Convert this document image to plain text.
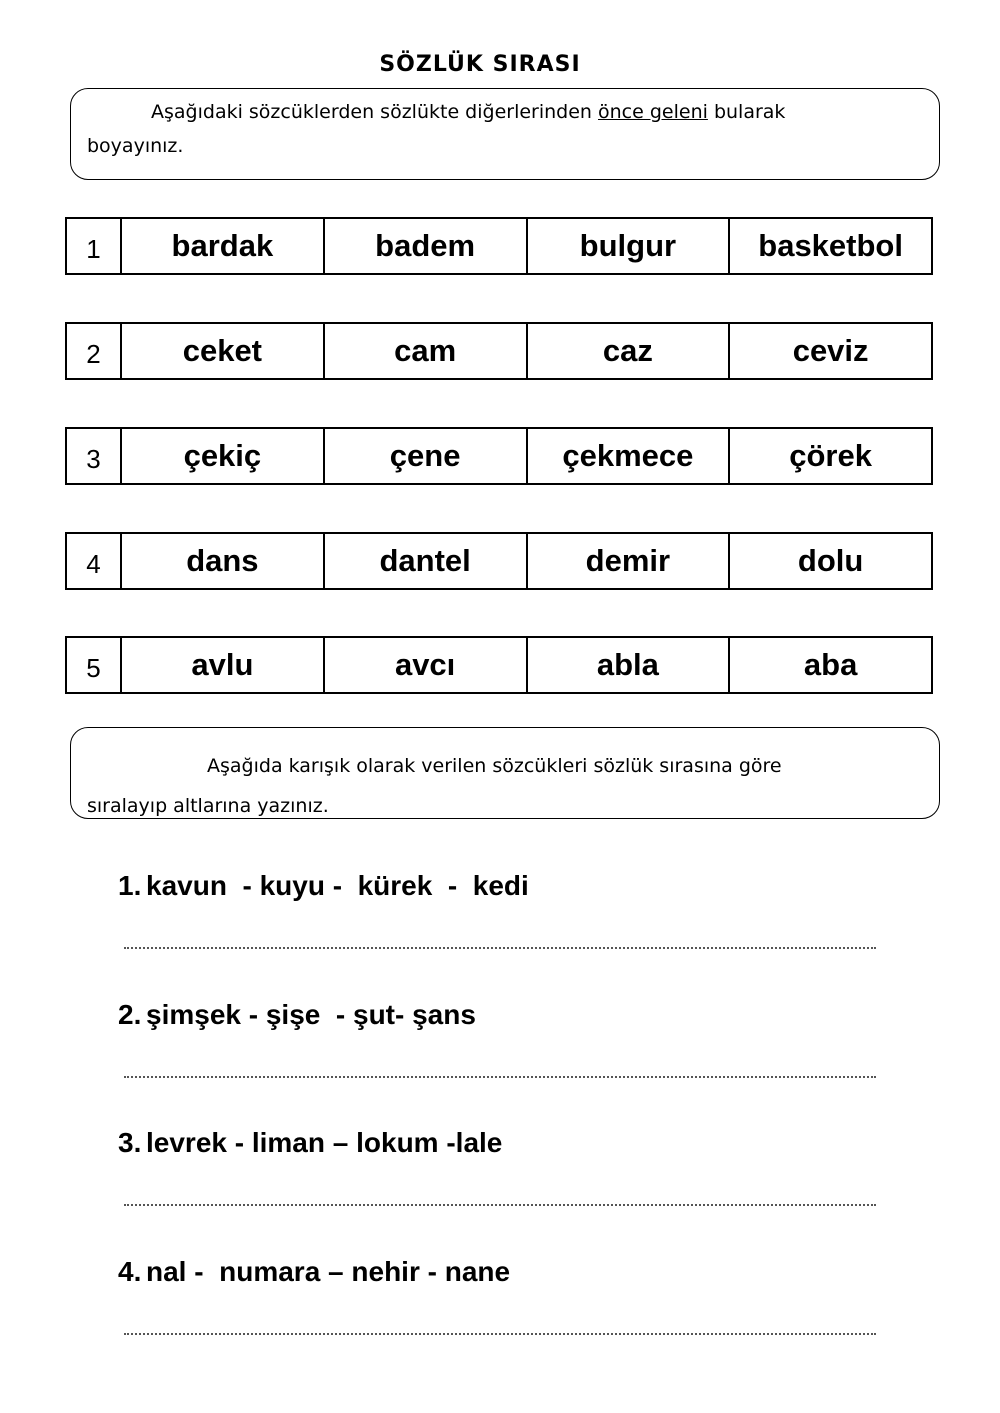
SÖZLÜK SIRASI
Aşağıdaki sözcüklerden sözlükte diğerlerinden önce geleni bularak
boyayınız.
1	bardak	badem	bulgur	basketbol
2	ceket	cam	caz	ceviz
3	çekiç	çene	çekmece	çörek
4	dans	dantel	demir	dolu
5	avlu	avcı	abla	aba
Aşağıda karışık olarak verilen sözcükleri sözlük sırasına göre
sıralayıp altlarına yazınız.
1. kavun  - kuyu -  kürek  -  kedi
2. şimşek - şişe  - şut- şans
3. levrek - liman – lokum -lale
4. nal -  numara – nehir - nane
